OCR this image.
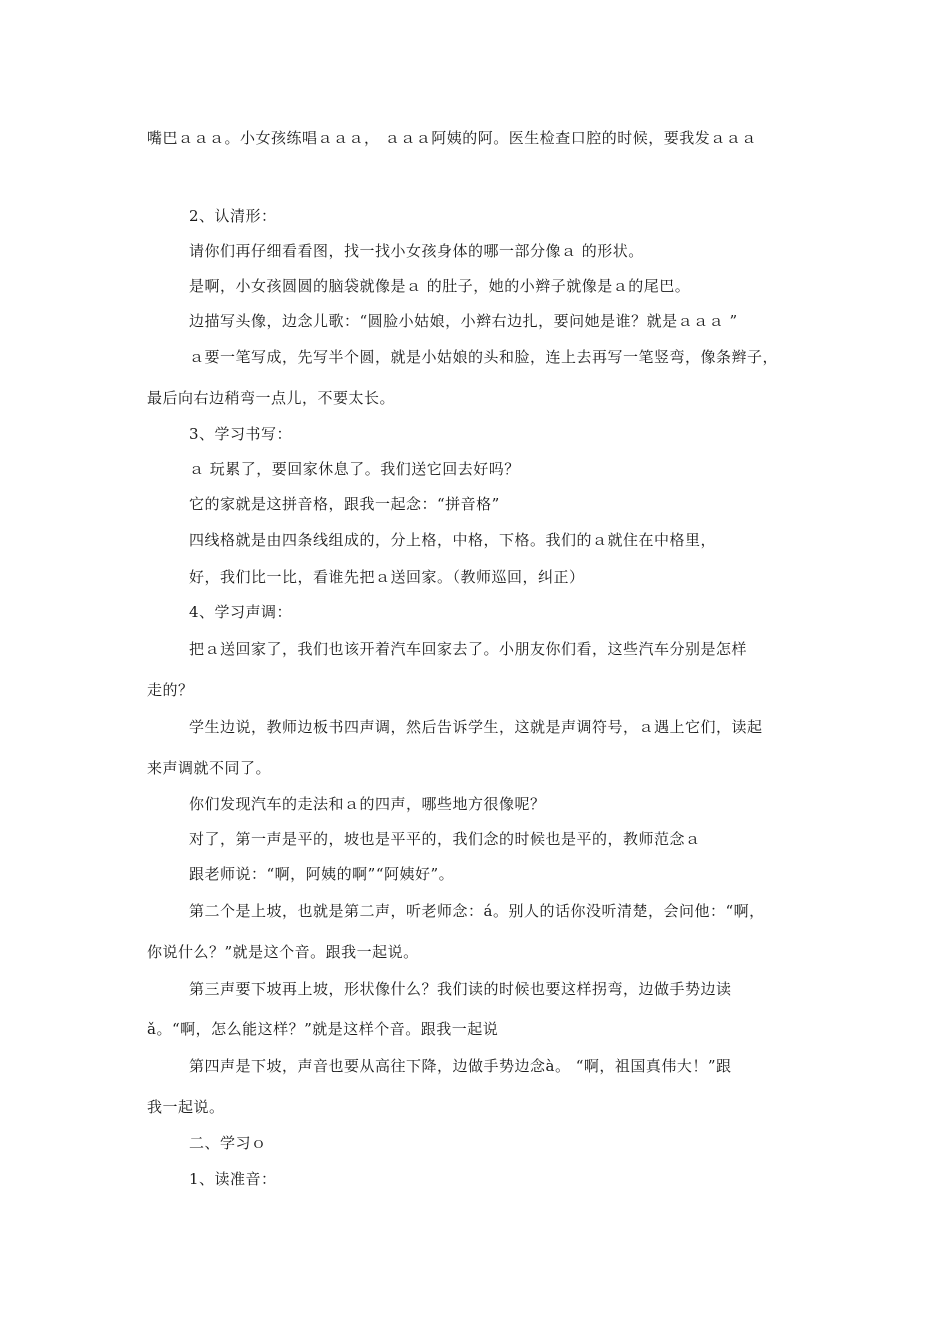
嘴巴ａａａ。小女孩练唱ａａａ， ａａａ阿姨的阿。医生检查口腔的时候，要我发ａａａ
2、认清形：
请你们再仔细看看图，找一找小女孩身体的哪一部分像ａ 的形状。
是啊，小女孩圆圆的脑袋就像是ａ 的肚子，她的小辫子就像是ａ的尾巴。
边描写头像，边念儿歌：“圆脸小姑娘，小辫右边扎，要问她是谁？就是ａａａ ”
ａ要一笔写成，先写半个圆，就是小姑娘的头和脸，连上去再写一笔竖弯，像条辫子，
最后向右边稍弯一点儿，不要太长。
3、学习书写：
ａ 玩累了，要回家休息了。我们送它回去好吗？
它的家就是这拼音格，跟我一起念：“拼音格”
四线格就是由四条线组成的，分上格，中格，下格。我们的ａ就住在中格里，
好，我们比一比，看谁先把ａ送回家。（教师巡回，纠正）
4、学习声调：
把ａ送回家了，我们也该开着汽车回家去了。小朋友你们看，这些汽车分别是怎样
走的？
学生边说，教师边板书四声调，然后告诉学生，这就是声调符号，ａ遇上它们，读起
来声调就不同了。
你们发现汽车的走法和ａ的四声，哪些地方很像呢？
对了，第一声是平的，坡也是平平的，我们念的时候也是平的，教师范念ａ
跟老师说：“啊，阿姨的啊”“阿姨好”。
第二个是上坡，也就是第二声，听老师念：á。别人的话你没听清楚，会问他：“啊，
你说什么？”就是这个音。跟我一起说。
第三声要下坡再上坡，形状像什么？我们读的时候也要这样拐弯，边做手势边读
ǎ。“啊，怎么能这样？”就是这样个音。跟我一起说
第四声是下坡，声音也要从高往下降，边做手势边念à。 “啊，祖国真伟大！”跟
我一起说。
二、学习ｏ
1、读准音：
